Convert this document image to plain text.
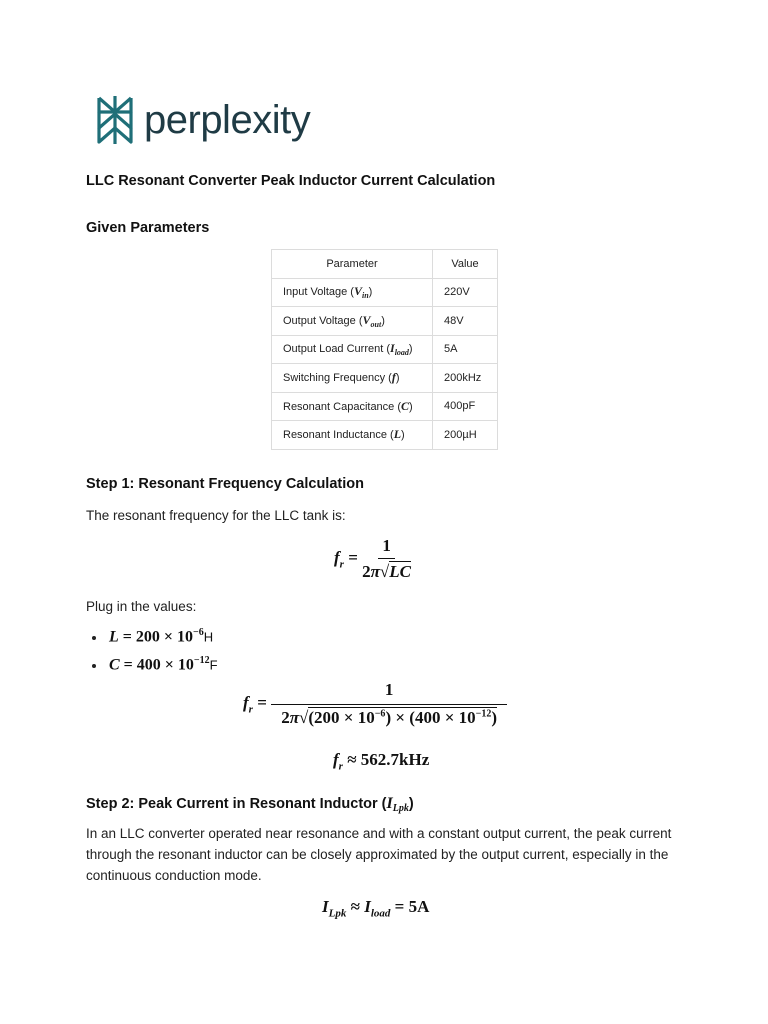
perplexity
LLC Resonant Converter Peak Inductor Current Calculation
Given Parameters
Parameter	Value
Input Voltage $(V_{in})$	220V
Output Voltage $(V_{out})$	48V
Output Load Current $(I_{load})$	5A
Switching Frequency (f)	200kHz
Resonant Capacitance (C)	400pF
Resonant Inductance (L)	200µH
Step 1: Resonant Frequency Calculation
The resonant frequency for the LLC tank is:
$f_r = \frac{1}{2\pi√LC}$
Plug in the values:
$L = 200 \times 10^{-6}H$
$C = 400 \times 10^{-12}F$
$f_r = \frac{1}{2\pi√(200 \times 10^{-6}) \times (400 \times 10^{-12})}$
$f_r \approx 562.7kHz$
Step 2: Peak Current in Resonant Inductor $(I_{Lpk})$
In an LLC converter operated near resonance and with a constant output current, the peak current through the resonant inductor can be closely approximated by the output current, especially in the continuous conduction mode.
$I_{Lpk} \approx I_{load} = 5A$
